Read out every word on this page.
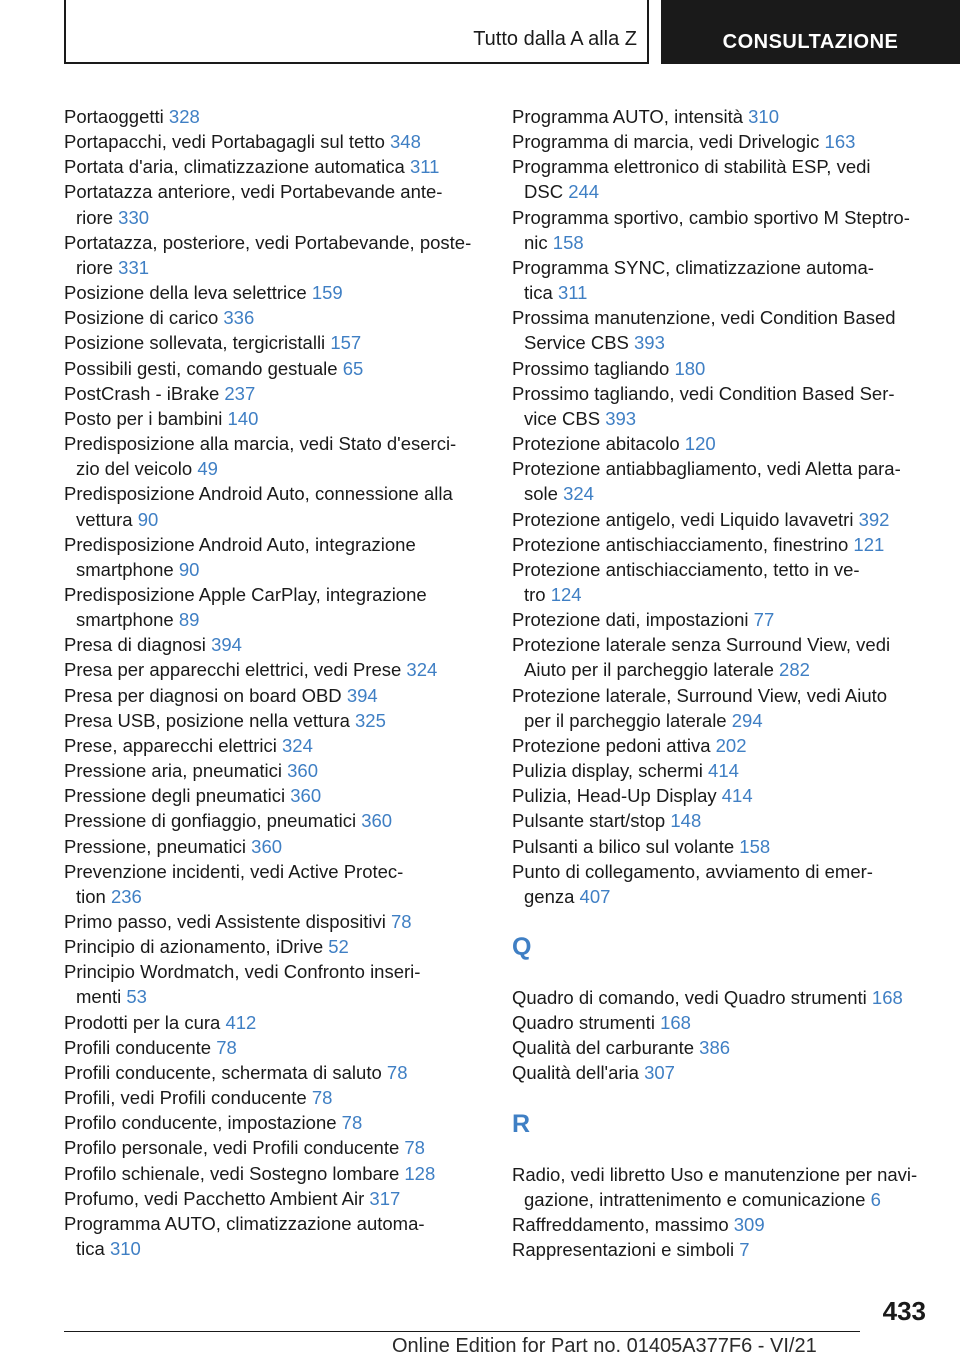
Tutto dalla A alla Z	CONSULTAZIONE
Portaoggetti 328
Portapacchi, vedi Portabagagli sul tetto 348
Portata d'aria, climatizzazione automatica 311
Portatazza anteriore, vedi Portabevande ante-
riore 330
Portatazza, posteriore, vedi Portabevande, poste-
riore 331
Posizione della leva selettrice 159
Posizione di carico 336
Posizione sollevata, tergicristalli 157
Possibili gesti, comando gestuale 65
PostCrash - iBrake 237
Posto per i bambini 140
Predisposizione alla marcia, vedi Stato d'eserci-
zio del veicolo 49
Predisposizione Android Auto, connessione alla
vettura 90
Predisposizione Android Auto, integrazione
smartphone 90
Predisposizione Apple CarPlay, integrazione
smartphone 89
Presa di diagnosi 394
Presa per apparecchi elettrici, vedi Prese 324
Presa per diagnosi on board OBD 394
Presa USB, posizione nella vettura 325
Prese, apparecchi elettrici 324
Pressione aria, pneumatici 360
Pressione degli pneumatici 360
Pressione di gonfiaggio, pneumatici 360
Pressione, pneumatici 360
Prevenzione incidenti, vedi Active Protec-
tion 236
Primo passo, vedi Assistente dispositivi 78
Principio di azionamento, iDrive 52
Principio Wordmatch, vedi Confronto inseri-
menti 53
Prodotti per la cura 412
Profili conducente 78
Profili conducente, schermata di saluto 78
Profili, vedi Profili conducente 78
Profilo conducente, impostazione 78
Profilo personale, vedi Profili conducente 78
Profilo schienale, vedi Sostegno lombare 128
Profumo, vedi Pacchetto Ambient Air 317
Programma AUTO, climatizzazione automa-
tica 310
Programma AUTO, intensità 310
Programma di marcia, vedi Drivelogic 163
Programma elettronico di stabilità ESP, vedi
DSC 244
Programma sportivo, cambio sportivo M Steptro-
nic 158
Programma SYNC, climatizzazione automa-
tica 311
Prossima manutenzione, vedi Condition Based
Service CBS 393
Prossimo tagliando 180
Prossimo tagliando, vedi Condition Based Ser-
vice CBS 393
Protezione abitacolo 120
Protezione antiabbagliamento, vedi Aletta para-
sole 324
Protezione antigelo, vedi Liquido lavavetri 392
Protezione antischiacciamento, finestrino 121
Protezione antischiacciamento, tetto in ve-
tro 124
Protezione dati, impostazioni 77
Protezione laterale senza Surround View, vedi
Aiuto per il parcheggio laterale 282
Protezione laterale, Surround View, vedi Aiuto
per il parcheggio laterale 294
Protezione pedoni attiva 202
Pulizia display, schermi 414
Pulizia, Head-Up Display 414
Pulsante start/stop 148
Pulsanti a bilico sul volante 158
Punto di collegamento, avviamento di emer-
genza 407
Q
Quadro di comando, vedi Quadro strumenti 168
Quadro strumenti 168
Qualità del carburante 386
Qualità dell'aria 307
R
Radio, vedi libretto Uso e manutenzione per navi-
gazione, intrattenimento e comunicazione 6
Raffreddamento, massimo 309
Rappresentazioni e simboli 7
433
Online Edition for Part no. 01405A377F6 - VI/21
